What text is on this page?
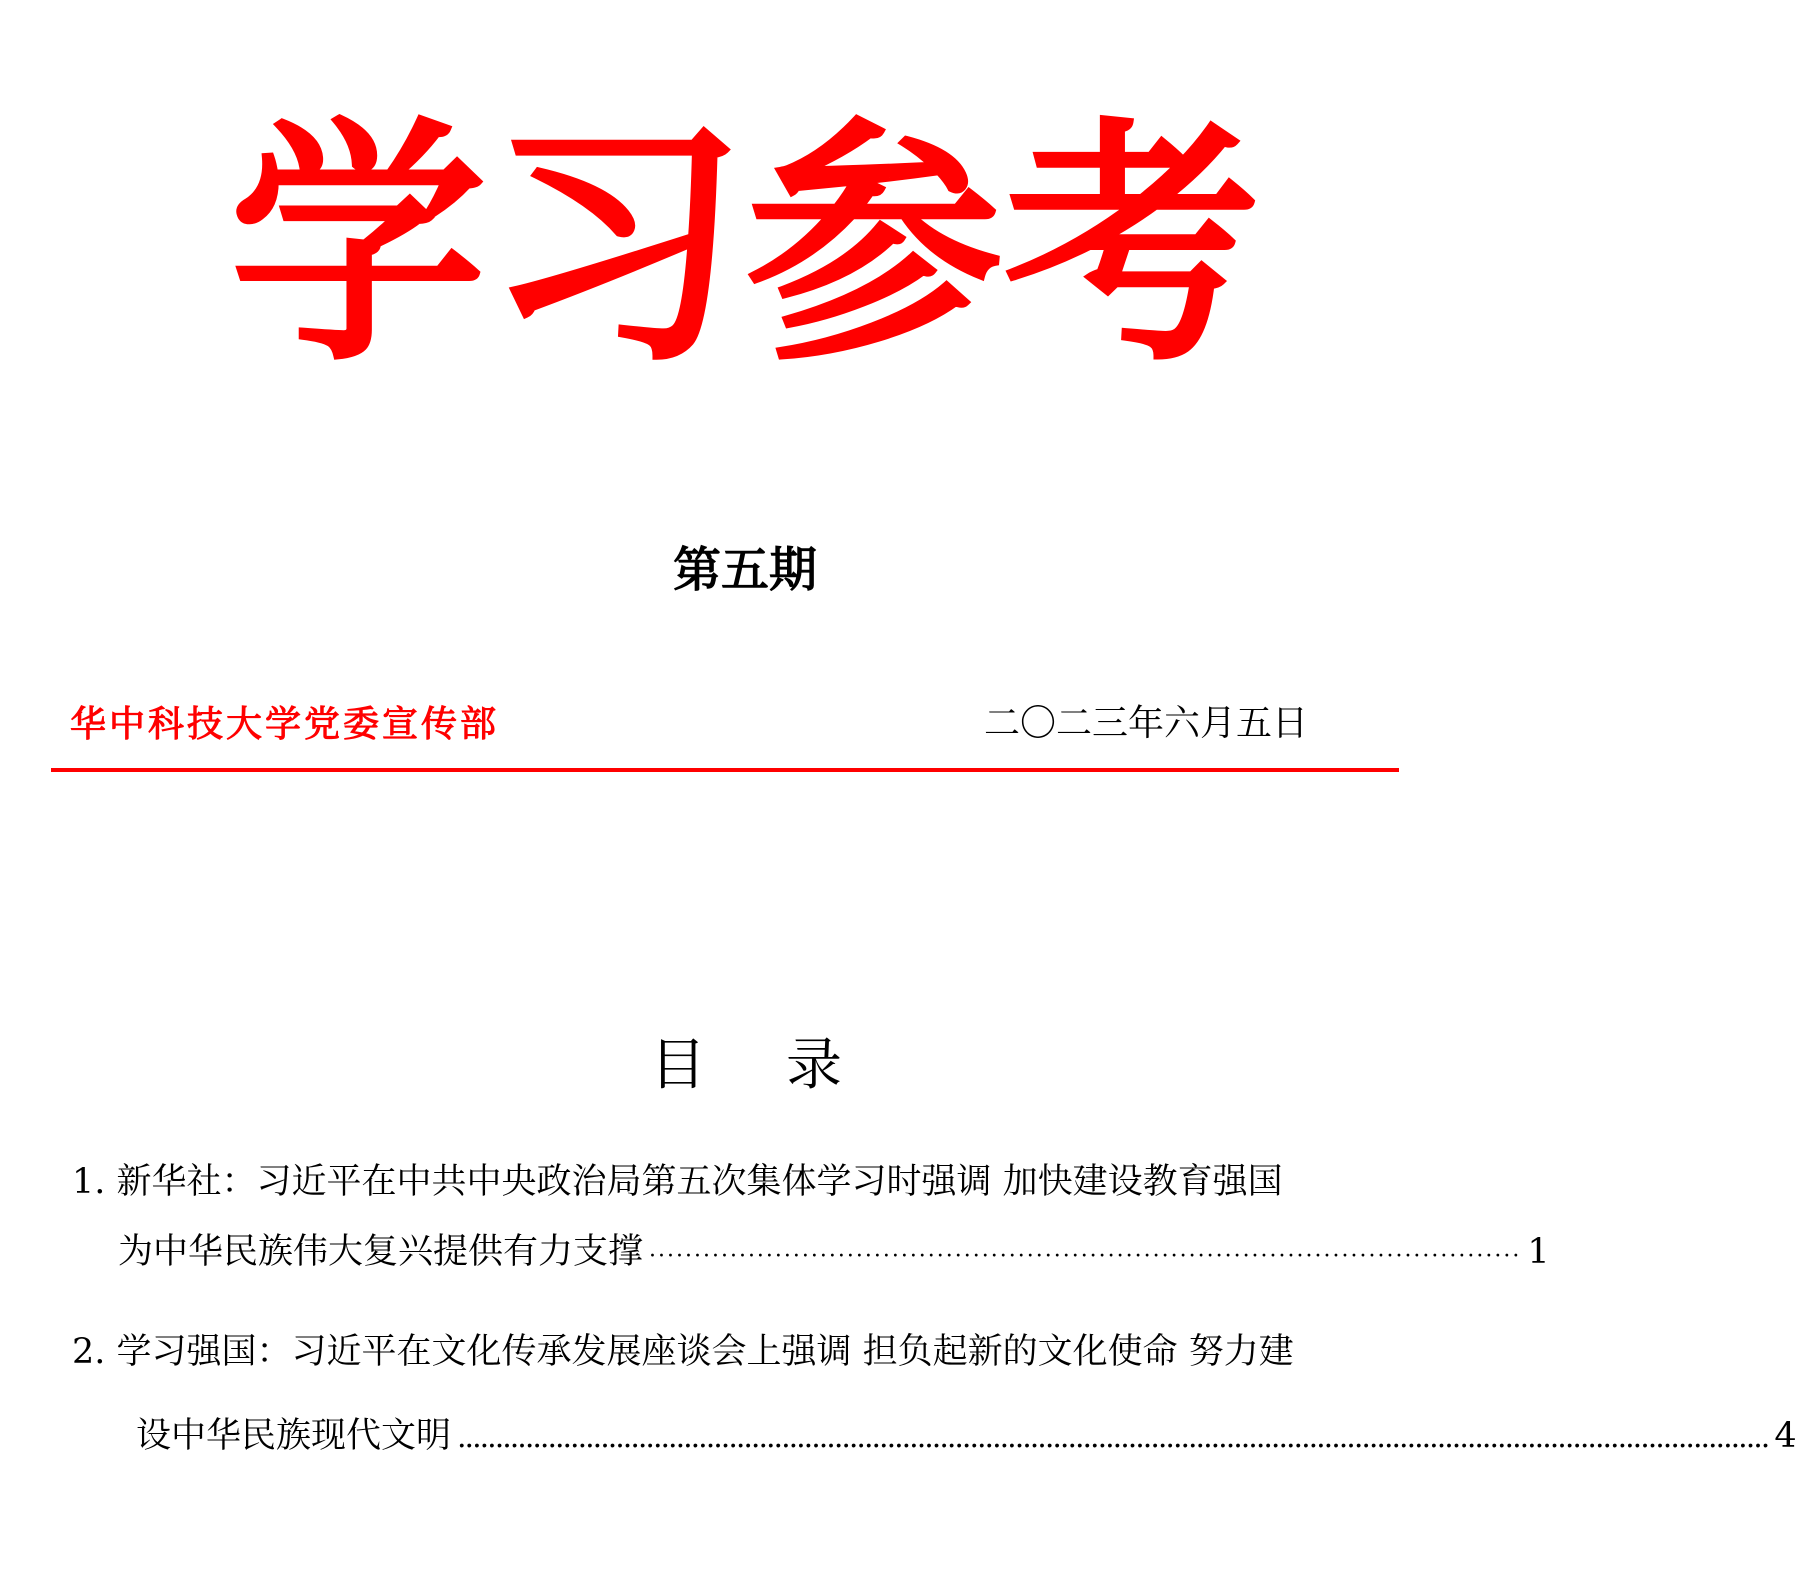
学习参考
第五期
华中科技大学党委宣传部	二〇二三年六月五日
目 录
1. 新华社：习近平在中共中央政治局第五次集体学习时强调 加快建设教育强国
为中华民族伟大复兴提供有力支撑 ································································································· 1
2. 学习强国：习近平在文化传承发展座谈会上强调 担负起新的文化使命 努力建
设中华民族现代文明 .............................................................................................................................................................................. 4
